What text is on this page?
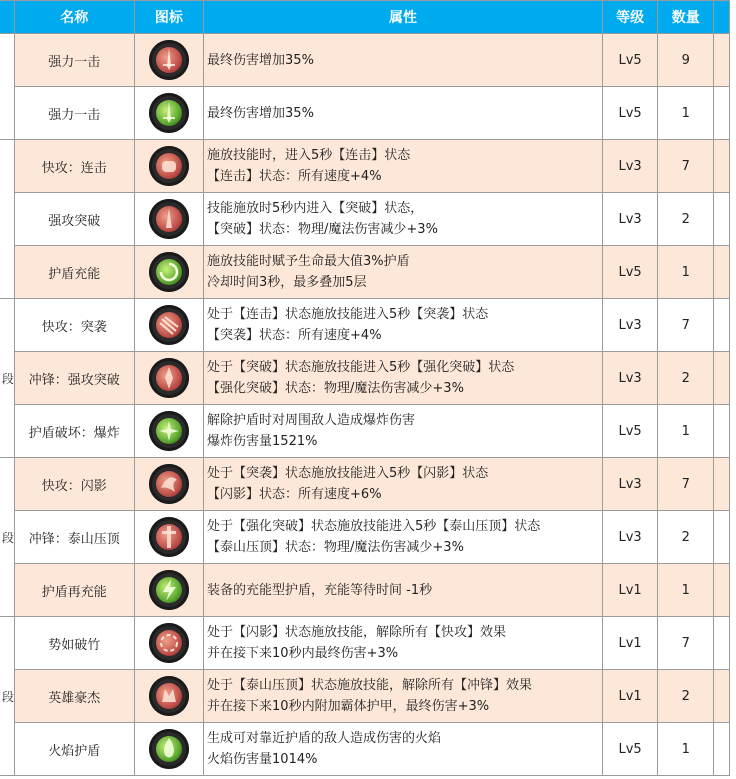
	名称	图标	属性	等级	数量	
	强力一击		最终伤害增加35%	Lv5	9	
	强力一击		最终伤害增加35%	Lv5	1	
	快攻：连击		施放技能时，进入5秒【连击】状态
【连击】状态：所有速度+4%	Lv3	7	
	强攻突破		技能施放时5秒内进入【突破】状态，
【突破】状态：物理/魔法伤害减少+3%	Lv3	2	
	护盾充能		施放技能时赋予生命最大值3%护盾
冷却时间3秒，最多叠加5层	Lv5	1	
段	快攻：突袭		处于【连击】状态施放技能进入5秒【突袭】状态
【突袭】状态：所有速度+4%	Lv3	7	
	冲锋：强攻突破		处于【突破】状态施放技能进入5秒【强化突破】状态
【强化突破】状态：物理/魔法伤害减少+3%	Lv3	2	
	护盾破坏：爆炸		解除护盾时对周围敌人造成爆炸伤害
爆炸伤害量1521%	Lv5	1	
段	快攻：闪影		处于【突袭】状态施放技能进入5秒【闪影】状态
【闪影】状态：所有速度+6%	Lv3	7	
	冲锋：泰山压顶		处于【强化突破】状态施放技能进入5秒【泰山压顶】状态
【泰山压顶】状态：物理/魔法伤害减少+3%	Lv3	2	
	护盾再充能		装备的充能型护盾，充能等待时间 -1秒	Lv1	1	
段	势如破竹		处于【闪影】状态施放技能，解除所有【快攻】效果
并在接下来10秒内最终伤害+3%	Lv1	7	
	英雄豪杰		处于【泰山压顶】状态施放技能，解除所有【冲锋】效果
并在接下来10秒内附加霸体护甲，最终伤害+3%	Lv1	2	
	火焰护盾		生成可对靠近护盾的敌人造成伤害的火焰
火焰伤害量1014%	Lv5	1	
